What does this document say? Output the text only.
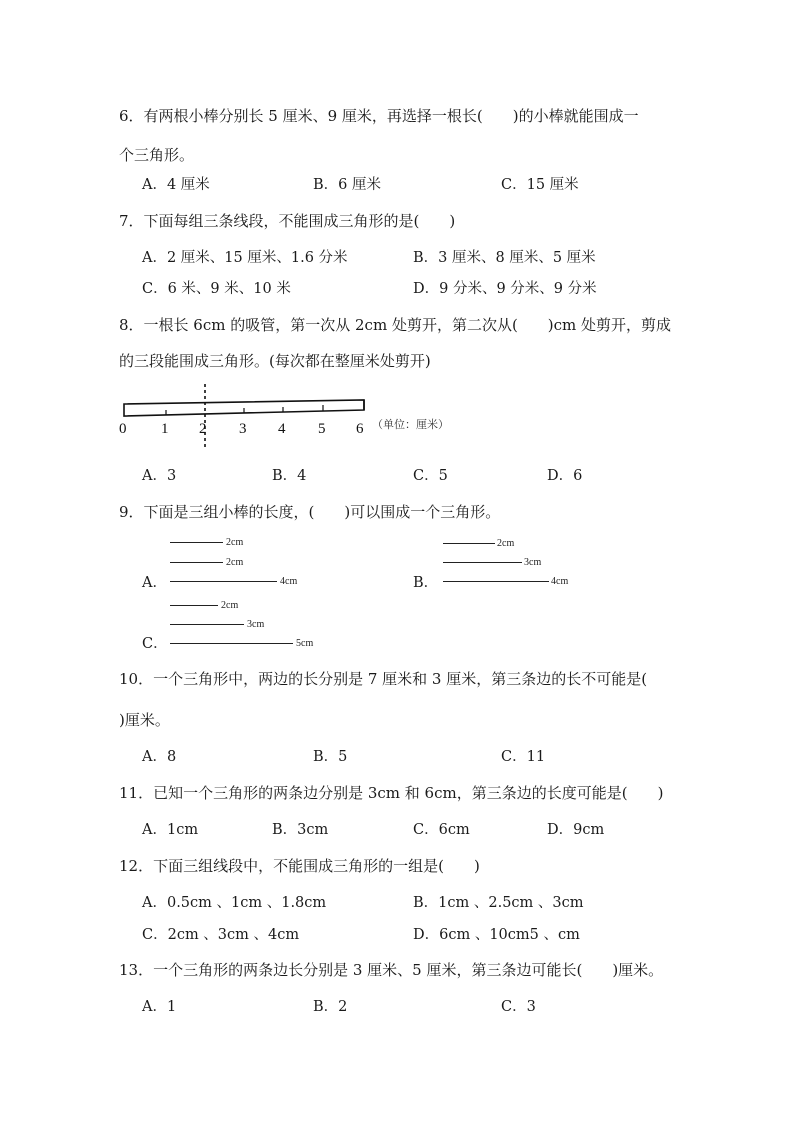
6．有两根小棒分别长 5 厘米、9 厘米，再选择一根长(　　)的小棒就能围成一
个三角形。
A．4 厘米	B．6 厘米	C．15 厘米
7．下面每组三条线段，不能围成三角形的是(　　)
A．2 厘米、15 厘米、1.6 分米	B．3 厘米、8 厘米、5 厘米
C．6 米、9 米、10 米	D．9 分米、9 分米、9 分米
8．一根长 6cm 的吸管，第一次从 2cm 处剪开，第二次从(　　)cm 处剪开，剪成
的三段能围成三角形。(每次都在整厘米处剪开)
0 1 2 3 4 5 6 （单位：厘米）
A．3	B．4	C．5	D．6
9．下面是三组小棒的长度，(　　)可以围成一个三角形。
A．
2cm
2cm
4cm	B．
2cm
3cm
4cm
C．
2cm
3cm
5cm
10．一个三角形中，两边的长分别是 7 厘米和 3 厘米，第三条边的长不可能是(
)厘米。
A．8	B．5	C．11
11．已知一个三角形的两条边分别是 3cm 和 6cm，第三条边的长度可能是(　　)
A．1cm	B．3cm	C．6cm	D．9cm
12．下面三组线段中，不能围成三角形的一组是(　　)
A．0.5cm 、1cm 、1.8cm	B．1cm 、2.5cm 、3cm
C．2cm 、3cm 、4cm	D．6cm 、10cm5 、cm
13．一个三角形的两条边长分别是 3 厘米、5 厘米，第三条边可能长(　　)厘米。
A．1	B．2	C．3
